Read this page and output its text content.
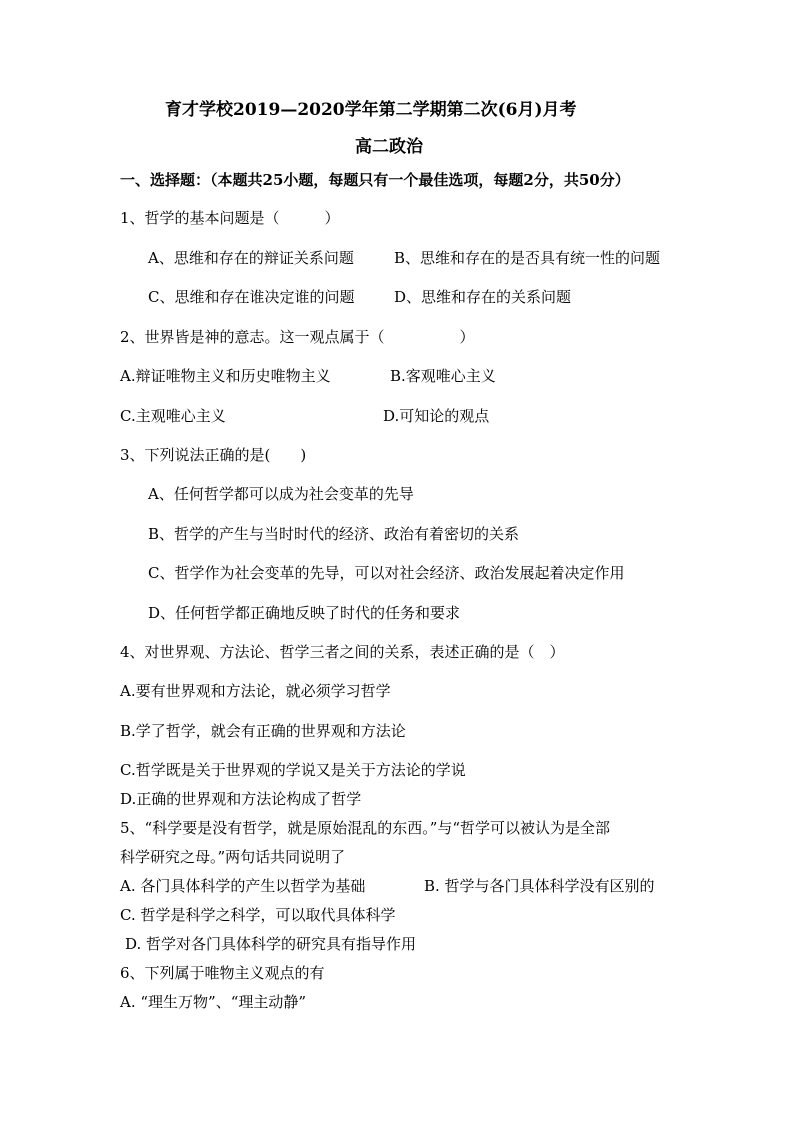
育才学校2019—2020学年第二学期第二次(6月)月考
高二政治
一、选择题：（本题共25小题，每题只有一个最佳选项，每题2分，共50分）
1、哲学的基本问题是（　　　）
A、思维和存在的辩证关系问题	B、思维和存在的是否具有统一性的问题
C、思维和存在谁决定谁的问题	D、思维和存在的关系问题
2、世界皆是神的意志。这一观点属于（　　　　　）
A.辩证唯物主义和历史唯物主义	B.客观唯心主义
C.主观唯心主义	D.可知论的观点
3、下列说法正确的是(　　)
A、任何哲学都可以成为社会变革的先导
B、哲学的产生与当时时代的经济、政治有着密切的关系
C、哲学作为社会变革的先导，可以对社会经济、政治发展起着决定作用
D、任何哲学都正确地反映了时代的任务和要求
4、对世界观、方法论、哲学三者之间的关系，表述正确的是（　）
A.要有世界观和方法论，就必须学习哲学
B.学了哲学，就会有正确的世界观和方法论
C.哲学既是关于世界观的学说又是关于方法论的学说
D.正确的世界观和方法论构成了哲学
5、“科学要是没有哲学，就是原始混乱的东西。”与“哲学可以被认为是全部
科学研究之母。”两句话共同说明了
A. 各门具体科学的产生以哲学为基础	B. 哲学与各门具体科学没有区别的
C. 哲学是科学之科学，可以取代具体科学
D. 哲学对各门具体科学的研究具有指导作用
6、下列属于唯物主义观点的有
A. “理生万物”、“理主动静”
